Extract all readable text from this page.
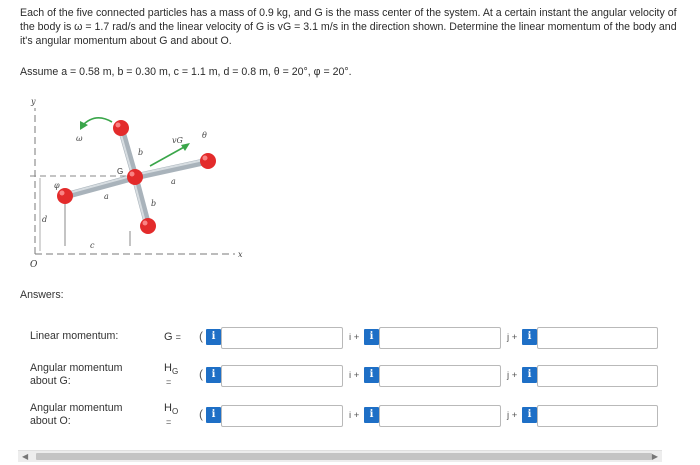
Each of the five connected particles has a mass of 0.9 kg, and G is the mass center of the system. At a certain instant the angular velocity of the body is ω = 1.7 rad/s and the linear velocity of G is vG = 3.1 m/s in the direction shown. Determine the linear momentum of the body and it's angular momentum about G and about O.
Assume a = 0.58 m, b = 0.30 m, c = 1.1 m, d = 0.8 m, θ = 20°, φ = 20°.
y
x
ω	vG
θ
φ
a
a
b
b
c
d
G
O
Answers:
Linear momentum:	G = ( i	i +	i	j +	i
Angular momentum about G:
$H_G$
=
( i	i +	i	j +	i
Angular momentum about O:
$H_O$
=
( i	i +	i	j +	i
◀	▶
